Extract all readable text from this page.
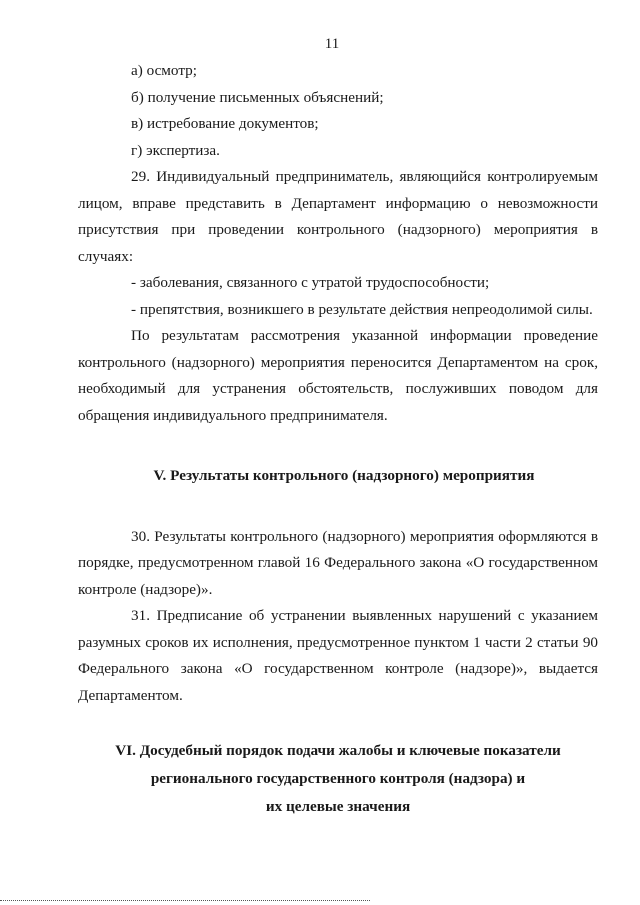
11

а) осмотр;

б) получение письменных объяснений;

в) истребование документов;

г) экспертиза.

29. Индивидуальный предприниматель, являющийся контролируемым лицом, вправе представить в Департамент информацию о невозможности присутствия при проведении контрольного (надзорного) мероприятия в случаях:

- заболевания, связанного с утратой трудоспособности;

- препятствия, возникшего в результате действия непреодолимой силы.

По результатам рассмотрения указанной информации проведение контрольного (надзорного) мероприятия переносится Департаментом на срок, необходимый для устранения обстоятельств, послуживших поводом для обращения индивидуального предпринимателя.

V. Результаты контрольного (надзорного) мероприятия

30. Результаты контрольного (надзорного) мероприятия оформляются в порядке, предусмотренном главой 16 Федерального закона «О государственном контроле (надзоре)».

31. Предписание об устранении выявленных нарушений с указанием разумных сроков их исполнения, предусмотренное пунктом 1 части 2 статьи 90 Федерального закона «О государственном контроле (надзоре)», выдается Департаментом.

VI. Досудебный порядок подачи жалобы и ключевые показатели

регионального государственного контроля (надзора) и

их целевые значения
